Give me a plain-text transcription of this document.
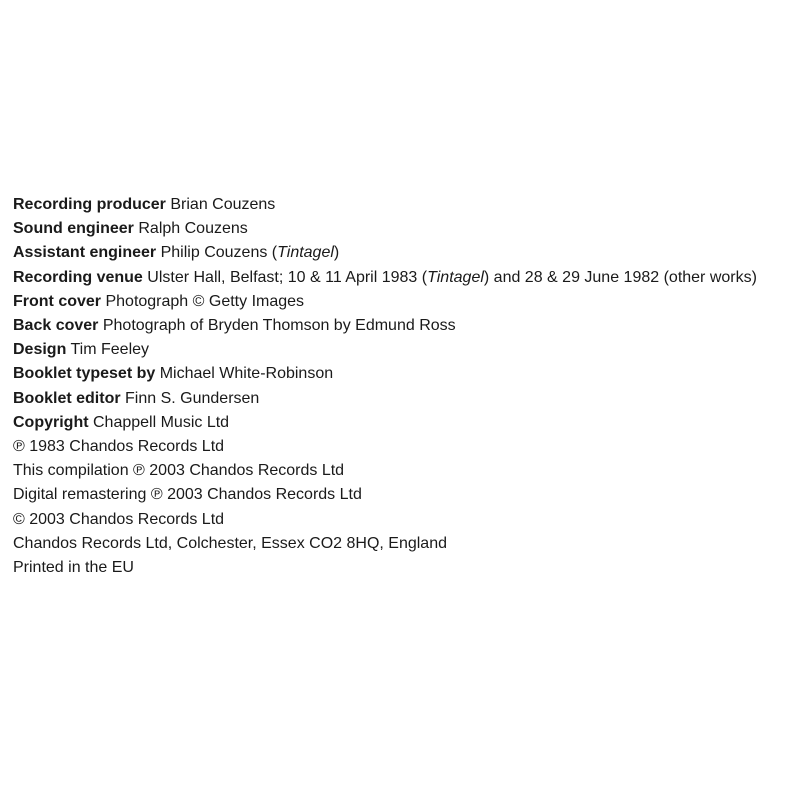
Recording producer Brian Couzens
Sound engineer Ralph Couzens
Assistant engineer Philip Couzens (Tintagel)
Recording venue Ulster Hall, Belfast; 10 & 11 April 1983 (Tintagel) and 28 & 29 June 1982 (other works)
Front cover Photograph © Getty Images
Back cover Photograph of Bryden Thomson by Edmund Ross
Design Tim Feeley
Booklet typeset by Michael White-Robinson
Booklet editor Finn S. Gundersen
Copyright Chappell Music Ltd
℗ 1983 Chandos Records Ltd
This compilation ℗ 2003 Chandos Records Ltd
Digital remastering ℗ 2003 Chandos Records Ltd
© 2003 Chandos Records Ltd
Chandos Records Ltd, Colchester, Essex CO2 8HQ, England
Printed in the EU
